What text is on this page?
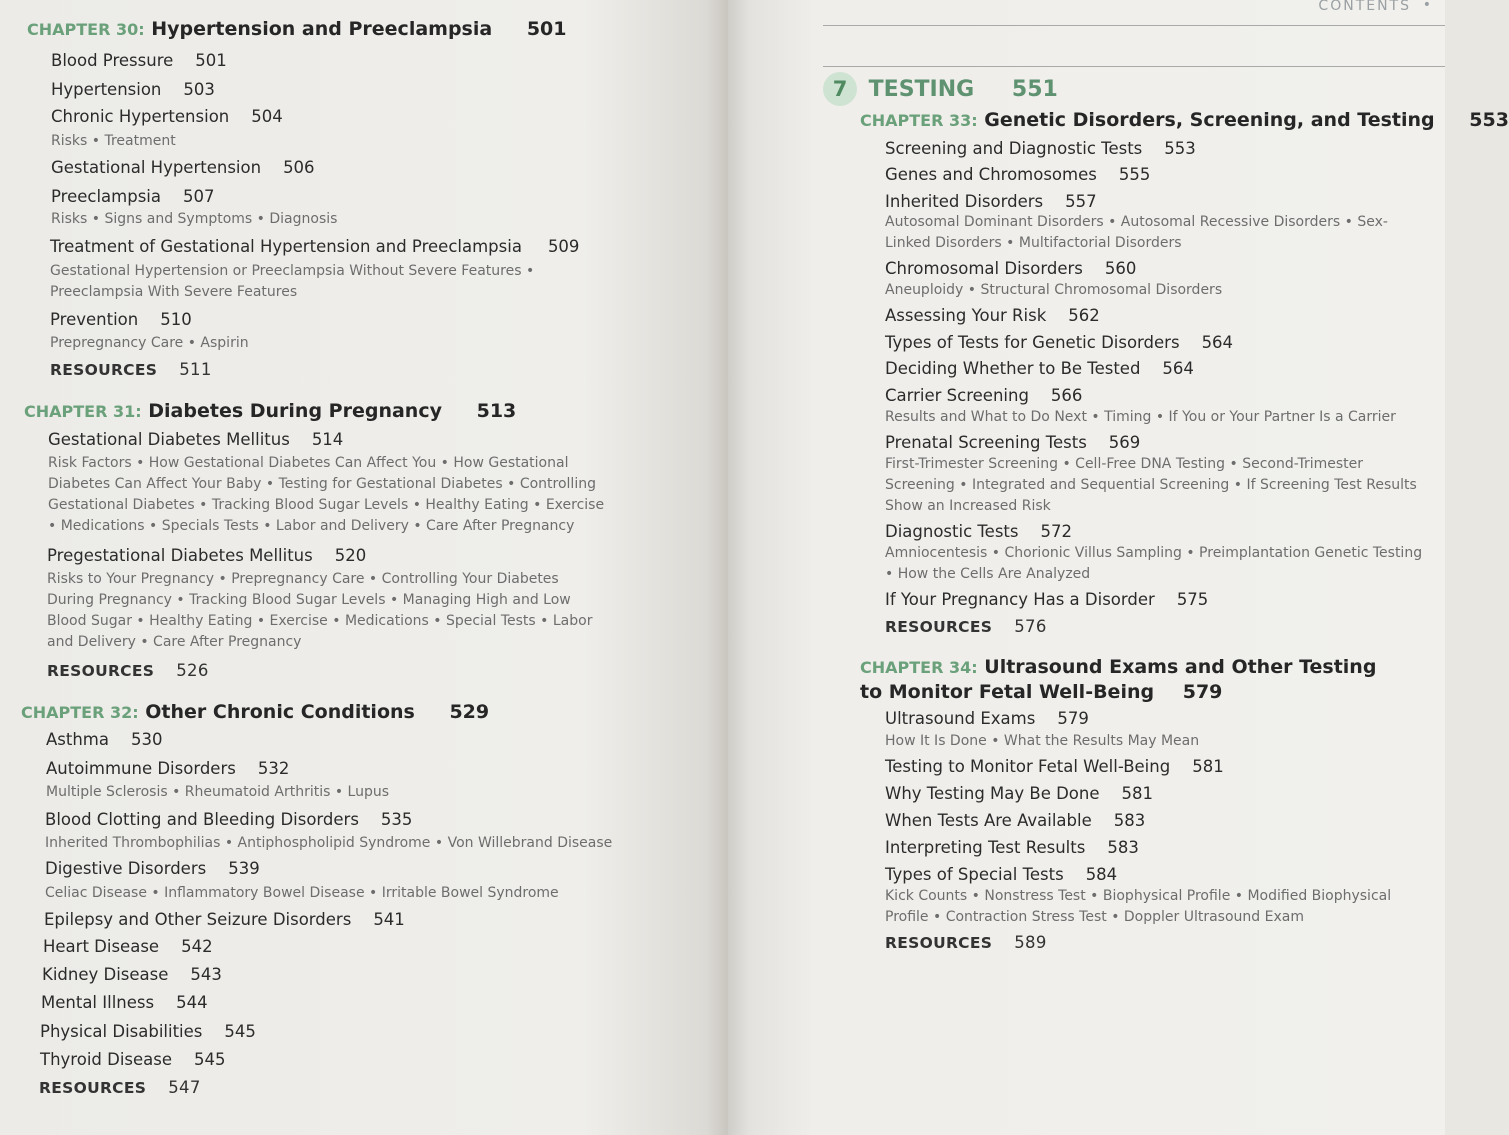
CHAPTER 30: Hypertension and Preeclampsia 501
Blood Pressure 501
Hypertension 503
Chronic Hypertension 504
Risks • Treatment
Gestational Hypertension 506
Preeclampsia 507
Risks • Signs and Symptoms • Diagnosis
Treatment of Gestational Hypertension and Preeclampsia 509
Gestational Hypertension or Preeclampsia Without Severe Features • Preeclampsia With Severe Features
Prevention 510
Prepregnancy Care • Aspirin
RESOURCES 511
CHAPTER 31: Diabetes During Pregnancy 513
Gestational Diabetes Mellitus 514
Risk Factors • How Gestational Diabetes Can Affect You • How Gestational Diabetes Can Affect Your Baby • Testing for Gestational Diabetes • Controlling Gestational Diabetes • Tracking Blood Sugar Levels • Healthy Eating • Exercise • Medications • Specials Tests • Labor and Delivery • Care After Pregnancy
Pregestational Diabetes Mellitus 520
Risks to Your Pregnancy • Prepregnancy Care • Controlling Your Diabetes During Pregnancy • Tracking Blood Sugar Levels • Managing High and Low Blood Sugar • Healthy Eating • Exercise • Medications • Special Tests • Labor and Delivery • Care After Pregnancy
RESOURCES 526
CHAPTER 32: Other Chronic Conditions 529
Asthma 530
Autoimmune Disorders 532
Multiple Sclerosis • Rheumatoid Arthritis • Lupus
Blood Clotting and Bleeding Disorders 535
Inherited Thrombophilias • Antiphospholipid Syndrome • Von Willebrand Disease
Digestive Disorders 539
Celiac Disease • Inflammatory Bowel Disease • Irritable Bowel Syndrome
Epilepsy and Other Seizure Disorders 541
Heart Disease 542
Kidney Disease 543
Mental Illness 544
Physical Disabilities 545
Thyroid Disease 545
RESOURCES 547
CONTENTS •
7 TESTING 551
CHAPTER 33: Genetic Disorders, Screening, and Testing 553
Screening and Diagnostic Tests 553
Genes and Chromosomes 555
Inherited Disorders 557
Autosomal Dominant Disorders • Autosomal Recessive Disorders • Sex-Linked Disorders • Multifactorial Disorders
Chromosomal Disorders 560
Aneuploidy • Structural Chromosomal Disorders
Assessing Your Risk 562
Types of Tests for Genetic Disorders 564
Deciding Whether to Be Tested 564
Carrier Screening 566
Results and What to Do Next • Timing • If You or Your Partner Is a Carrier
Prenatal Screening Tests 569
First-Trimester Screening • Cell-Free DNA Testing • Second-Trimester Screening • Integrated and Sequential Screening • If Screening Test Results Show an Increased Risk
Diagnostic Tests 572
Amniocentesis • Chorionic Villus Sampling • Preimplantation Genetic Testing • How the Cells Are Analyzed
If Your Pregnancy Has a Disorder 575
RESOURCES 576
CHAPTER 34: Ultrasound Exams and Other Testing to Monitor Fetal Well-Being 579
Ultrasound Exams 579
How It Is Done • What the Results May Mean
Testing to Monitor Fetal Well-Being 581
Why Testing May Be Done 581
When Tests Are Available 583
Interpreting Test Results 583
Types of Special Tests 584
Kick Counts • Nonstress Test • Biophysical Profile • Modified Biophysical Profile • Contraction Stress Test • Doppler Ultrasound Exam
RESOURCES 589
